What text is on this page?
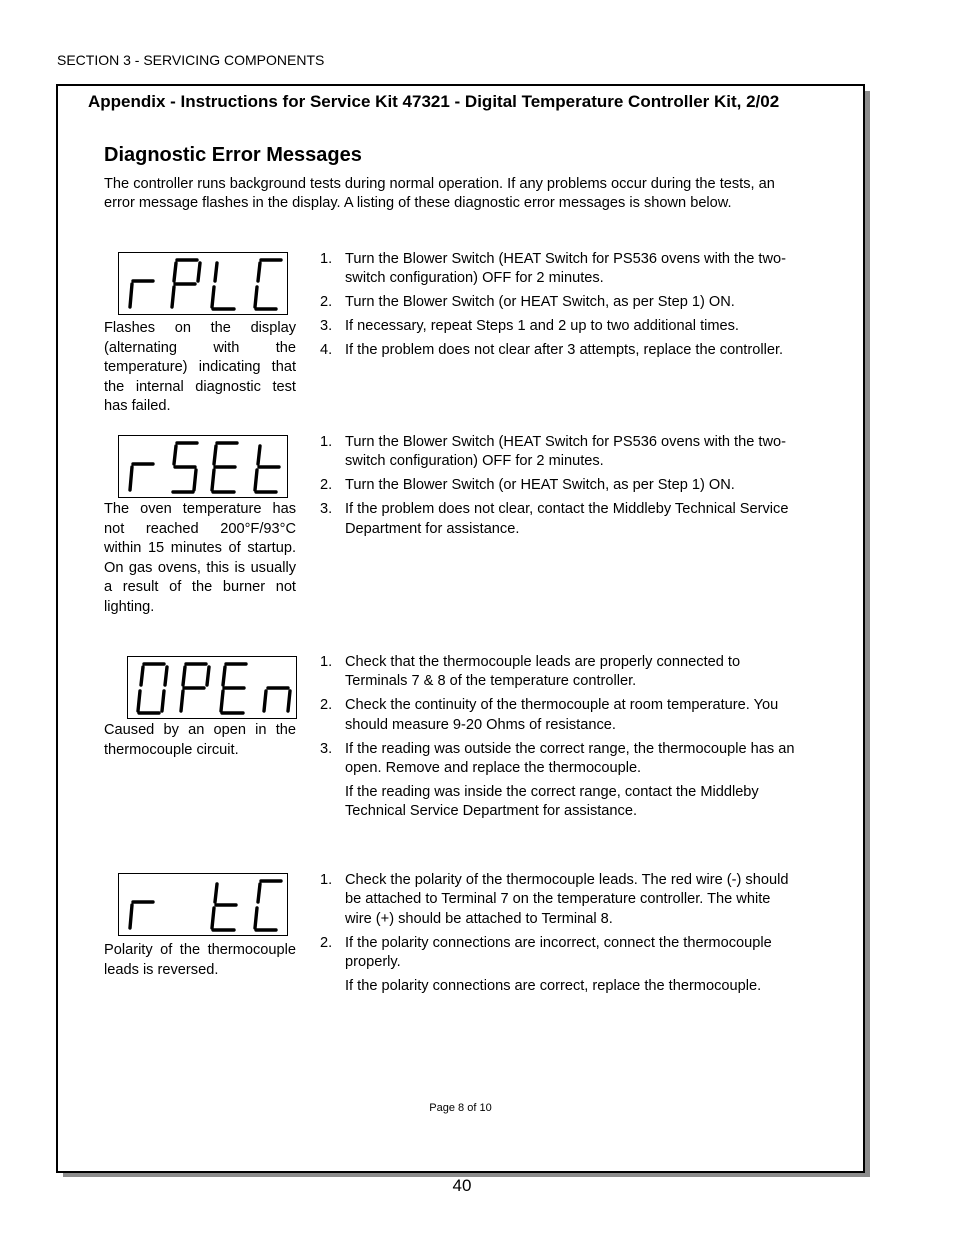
SECTION 3 - SERVICING COMPONENTS
Appendix - Instructions for Service Kit 47321 - Digital Temperature Controller Kit, 2/02
Diagnostic Error Messages
The controller runs background tests during normal operation. If any problems occur during the tests, an error message flashes in the display. A listing of these diagnostic error messages is shown below.
Flashes on the display (alternating with the temperature) indicating that the internal diagnostic test has failed.
1. Turn the Blower Switch (HEAT Switch for PS536 ovens with the two-switch configuration) OFF for 2 minutes.
2. Turn the Blower Switch (or HEAT Switch, as per Step 1) ON.
3. If necessary, repeat Steps 1 and 2 up to two additional times.
4. If the problem does not clear after 3 attempts, replace the controller.
The oven temperature has not reached 200°F/93°C within 15 minutes of startup. On gas ovens, this is usually a result of the burner not lighting.
1. Turn the Blower Switch (HEAT Switch for PS536 ovens with the two-switch configuration) OFF for 2 minutes.
2. Turn the Blower Switch (or HEAT Switch, as per Step 1) ON.
3. If the problem does not clear, contact the Middleby Technical Service Department for assistance.
Caused by an open in the thermocouple circuit.
1. Check that the thermocouple leads are properly connected to Terminals 7 & 8 of the temperature controller.
2. Check the continuity of the thermocouple at room temperature. You should measure 9-20 Ohms of resistance.
3. If the reading was outside the correct range, the thermocouple has an open. Remove and replace the thermocouple.
If the reading was inside the correct range, contact the Middleby Technical Service Department for assistance.
Polarity of the thermocouple leads is reversed.
1. Check the polarity of the thermocouple leads. The red wire (-) should be attached to Terminal 7 on the temperature controller. The white wire (+) should be attached to Terminal 8.
2. If the polarity connections are incorrect, connect the thermocouple properly.
If the polarity connections are correct, replace the thermocouple.
Page 8 of 10
40
